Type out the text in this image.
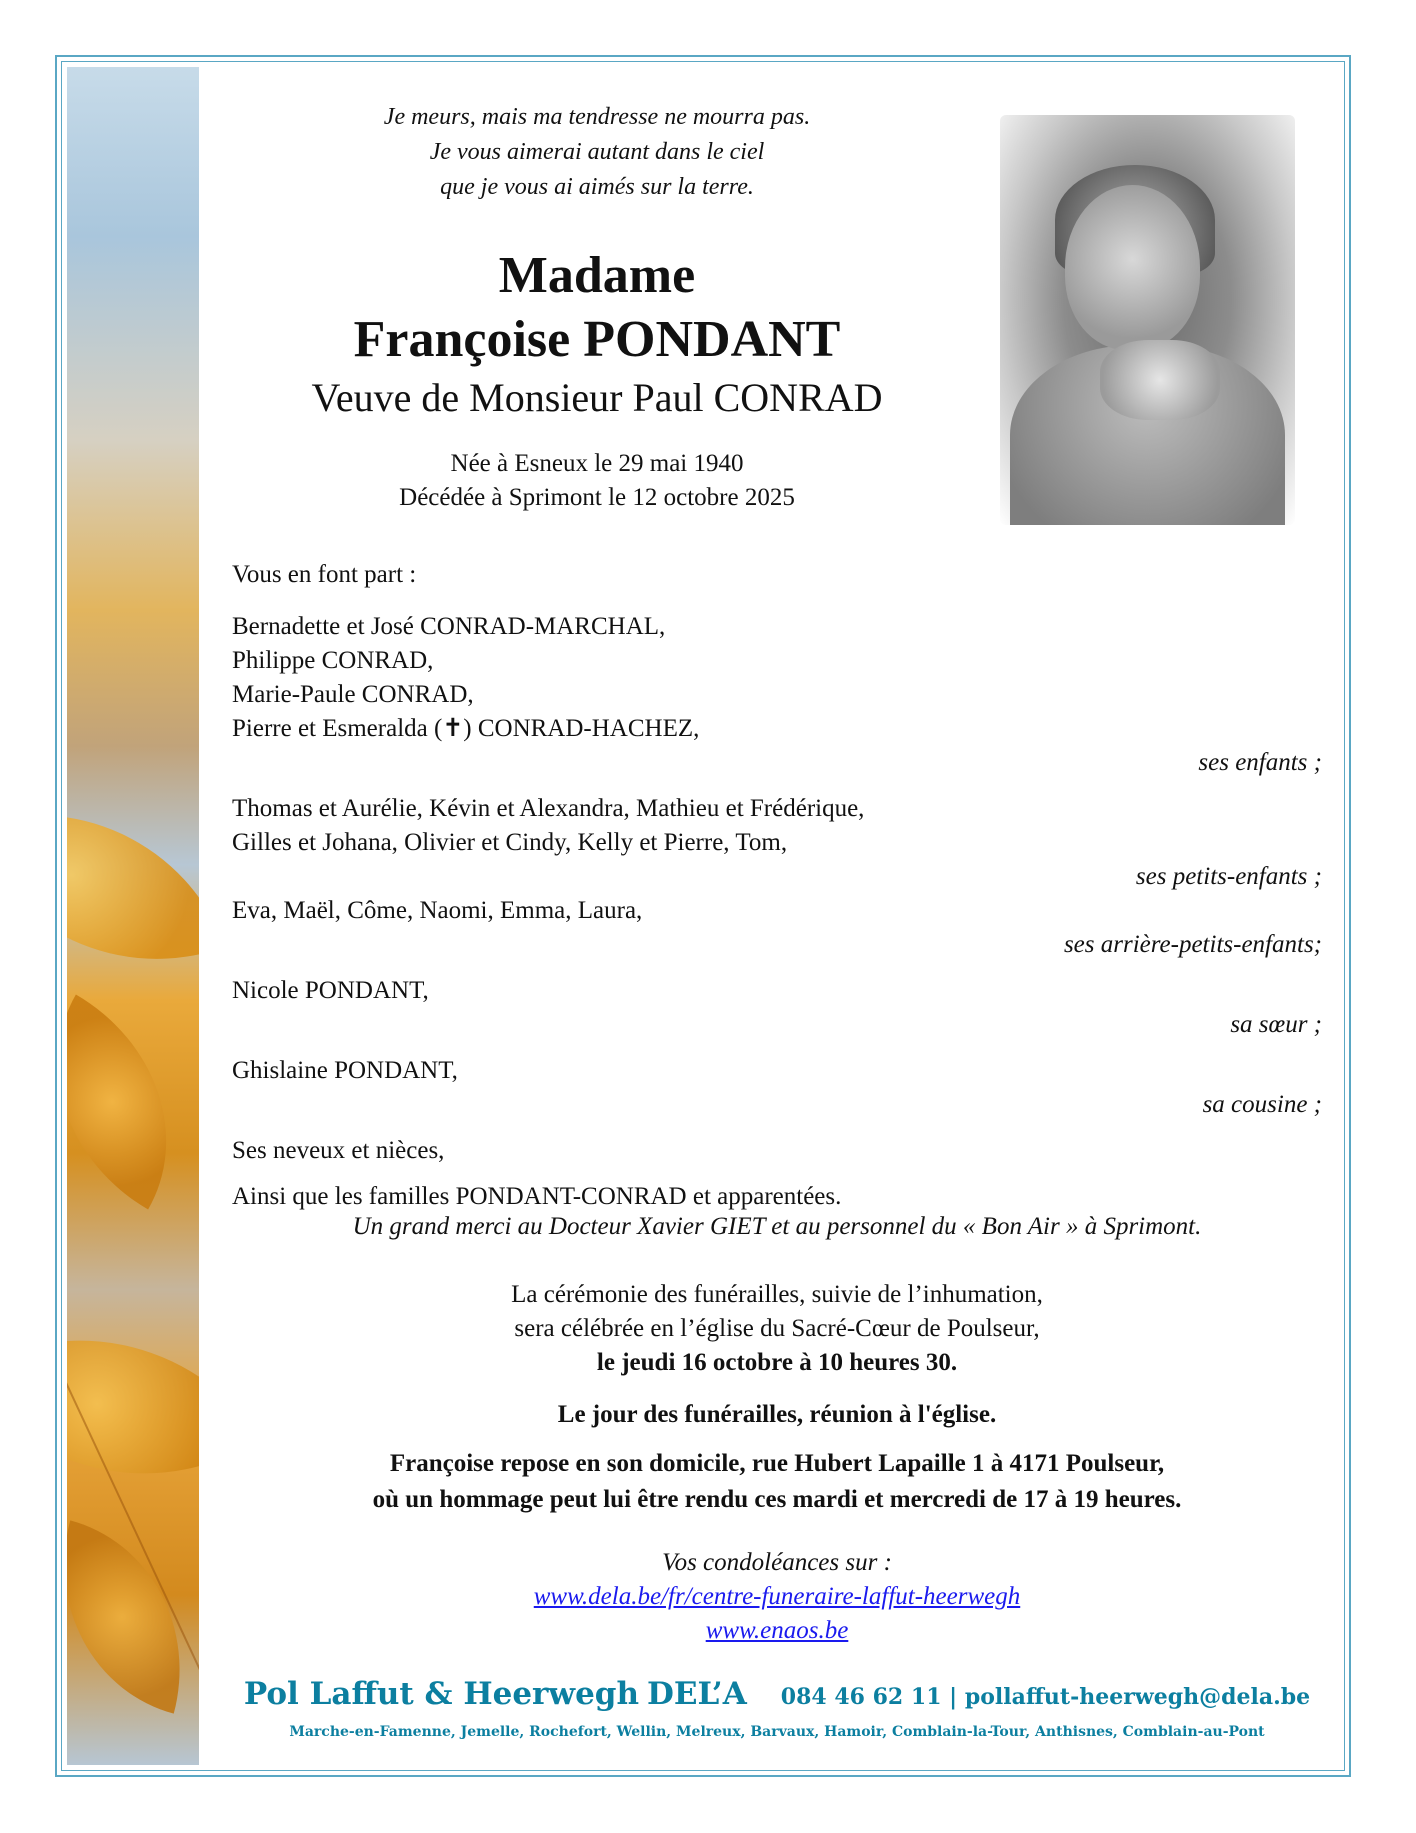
Je meurs, mais ma tendresse ne mourra pas.
Je vous aimerai autant dans le ciel
que je vous ai aimés sur la terre.
Madame
Françoise PONDANT
Veuve de Monsieur Paul CONRAD
Née à Esneux le 29 mai 1940
Décédée à Sprimont le 12 octobre 2025
Vous en font part :
Bernadette et José CONRAD-MARCHAL,
Philippe CONRAD,
Marie-Paule CONRAD,
Pierre et Esmeralda (✝) CONRAD-HACHEZ,
ses enfants ;
Thomas et Aurélie, Kévin et Alexandra, Mathieu et Frédérique,
Gilles et Johana, Olivier et Cindy, Kelly et Pierre, Tom,
ses petits-enfants ;
Eva, Maël, Côme, Naomi, Emma, Laura,
ses arrière-petits-enfants;
Nicole PONDANT,
sa sœur ;
Ghislaine PONDANT,
sa cousine ;
Ses neveux et nièces,
Ainsi que les familles PONDANT-CONRAD et apparentées.
Un grand merci au Docteur Xavier GIET et au personnel du « Bon Air » à Sprimont.
La cérémonie des funérailles, suivie de l’inhumation,
sera célébrée en l’église du Sacré-Cœur de Poulseur,
le jeudi 16 octobre à 10 heures 30.
Le jour des funérailles, réunion à l'église.
Françoise repose en son domicile, rue Hubert Lapaille 1 à 4171 Poulseur,
où un hommage peut lui être rendu ces mardi et mercredi de 17 à 19 heures.
Vos condoléances sur :
www.dela.be/fr/centre-funeraire-laffut-heerwegh
www.enaos.be
Pol Laffut & Heerwegh DEL’A 084 46 62 11 | pollaffut-heerwegh@dela.be
Marche-en-Famenne, Jemelle, Rochefort, Wellin, Melreux, Barvaux, Hamoir, Comblain-la-Tour, Anthisnes, Comblain-au-Pont
